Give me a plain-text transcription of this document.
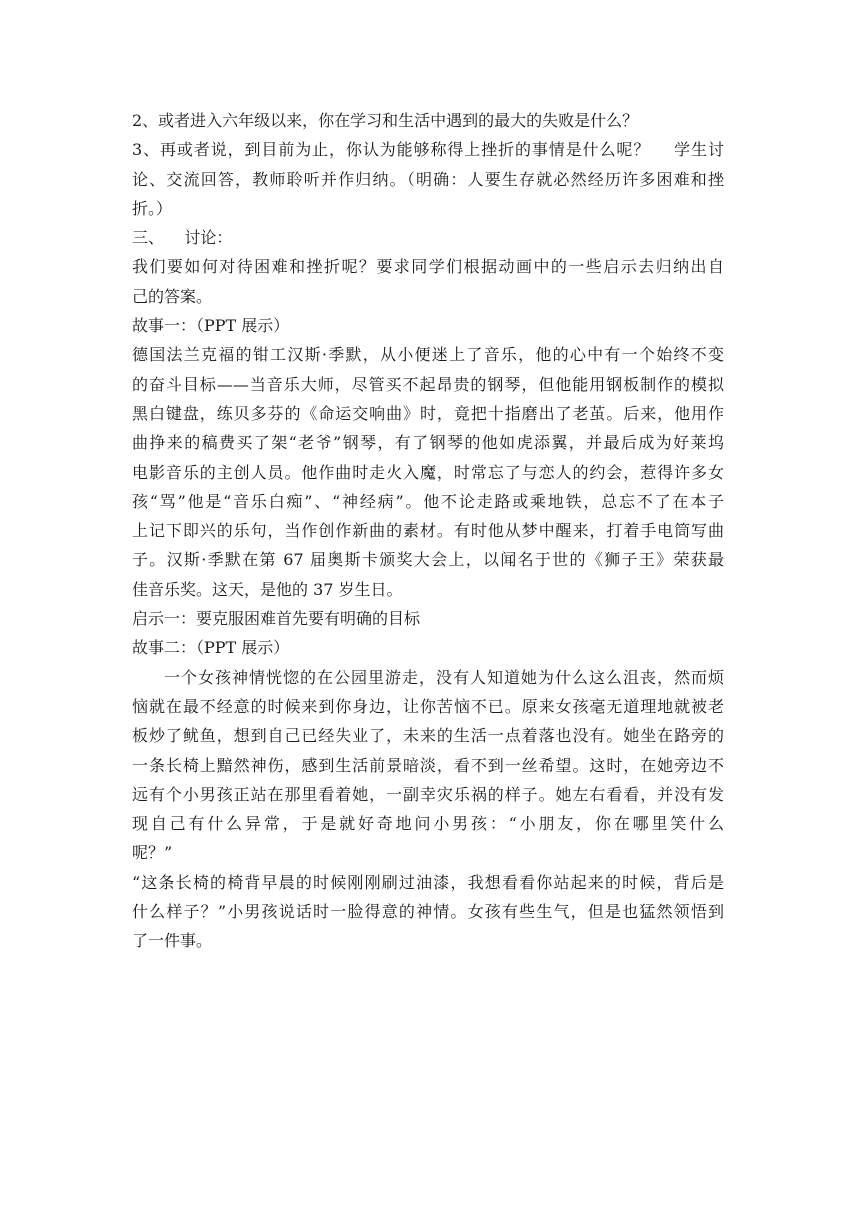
2、或者进入六年级以来，你在学习和生活中遇到的最大的失败是什么？

3、再或者说，到目前为止，你认为能够称得上挫折的事情是什么呢？    学生讨

论、交流回答，教师聆听并作归纳。（明确：人要生存就必然经历许多困难和挫

折。）

三、    讨论：

我们要如何对待困难和挫折呢？要求同学们根据动画中的一些启示去归纳出自

己的答案。

故事一：（PPT 展示）

德国法兰克福的钳工汉斯·季默，从小便迷上了音乐，他的心中有一个始终不变

的奋斗目标——当音乐大师，尽管买不起昂贵的钢琴，但他能用钢板制作的模拟

黑白键盘，练贝多芬的《命运交响曲》时，竟把十指磨出了老茧。后来，他用作

曲挣来的稿费买了架“老爷”钢琴，有了钢琴的他如虎添翼，并最后成为好莱坞

电影音乐的主创人员。他作曲时走火入魔，时常忘了与恋人的约会，惹得许多女

孩“骂”他是“音乐白痴”、“神经病”。他不论走路或乘地铁，总忘不了在本子

上记下即兴的乐句，当作创作新曲的素材。有时他从梦中醒来，打着手电筒写曲

子。汉斯·季默在第 67 届奥斯卡颁奖大会上，以闻名于世的《狮子王》荣获最

佳音乐奖。这天，是他的 37 岁生日。

启示一：要克服困难首先要有明确的目标

故事二：（PPT 展示）

一个女孩神情恍惚的在公园里游走，没有人知道她为什么这么沮丧，然而烦

恼就在最不经意的时候来到你身边，让你苦恼不已。原来女孩毫无道理地就被老

板炒了鱿鱼，想到自己已经失业了，未来的生活一点着落也没有。她坐在路旁的

一条长椅上黯然神伤，感到生活前景暗淡，看不到一丝希望。这时，在她旁边不

远有个小男孩正站在那里看着她，一副幸灾乐祸的样子。她左右看看，并没有发

现自己有什么异常，于是就好奇地问小男孩：“小朋友，你在哪里笑什么

呢？”

“这条长椅的椅背早晨的时候刚刚刷过油漆，我想看看你站起来的时候，背后是

什么样子？”小男孩说话时一脸得意的神情。女孩有些生气，但是也猛然领悟到

了一件事。
